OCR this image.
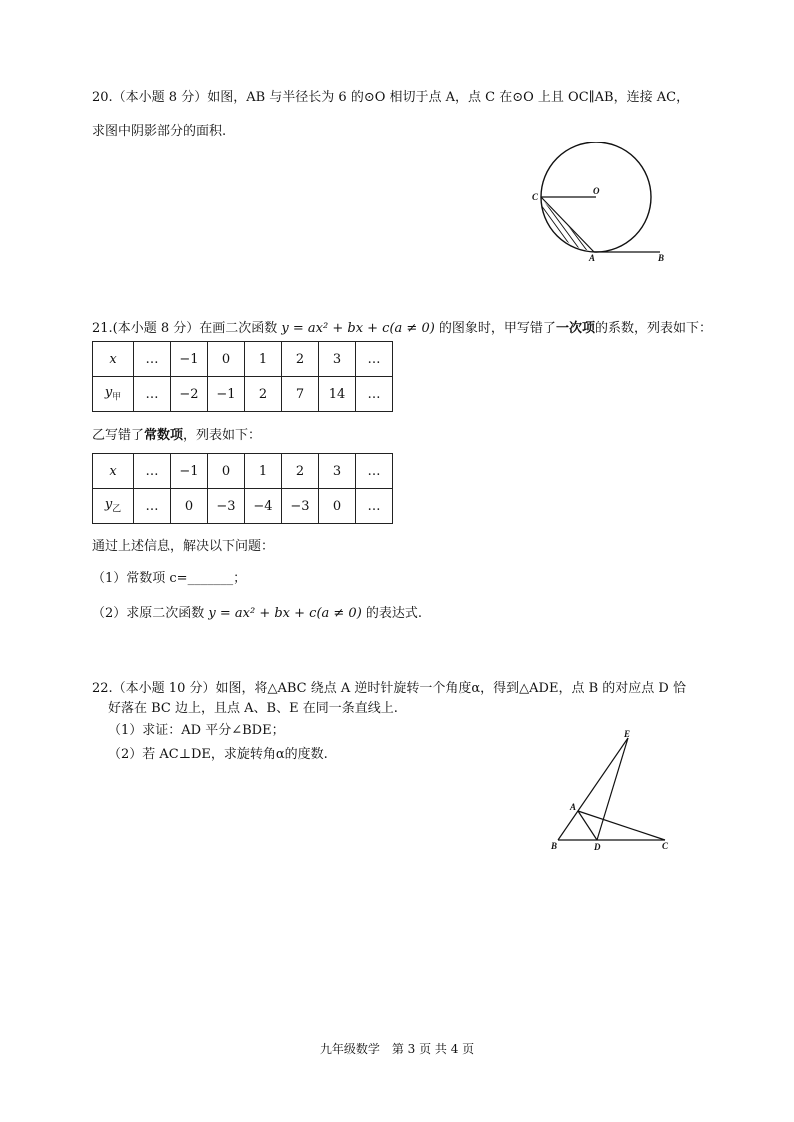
20.（本小题 8 分）如图，AB 与半径长为 6 的⊙O 相切于点 A，点 C 在⊙O 上且 OC∥AB，连接 AC，
求图中阴影部分的面积.
C
O
A	B
21.(本小题 8 分）在画二次函数 y = ax² + bx + c(a ≠ 0) 的图象时，甲写错了一次项的系数，列表如下：
x	…	−1	0	1	2	3	…
$y_甲$	…	−2	−1	2	7	14	…
乙写错了常数项，列表如下：
x	…	−1	0	1	2	3	…
$y_乙$	…	0	−3	−4	−3	0	…
通过上述信息，解决以下问题：
（1）常数项 c=_______；
（2）求原二次函数 y = ax² + bx + c(a ≠ 0) 的表达式.
22.（本小题 10 分）如图，将△ABC 绕点 A 逆时针旋转一个角度α，得到△ADE，点 B 的对应点 D 恰
好落在 BC 边上，且点 A、B、E 在同一条直线上.
（1）求证：AD 平分∠BDE；
（2）若 AC⊥DE，求旋转角α的度数.
E
A
B	D	C
九年级数学　第 3 页 共 4 页
